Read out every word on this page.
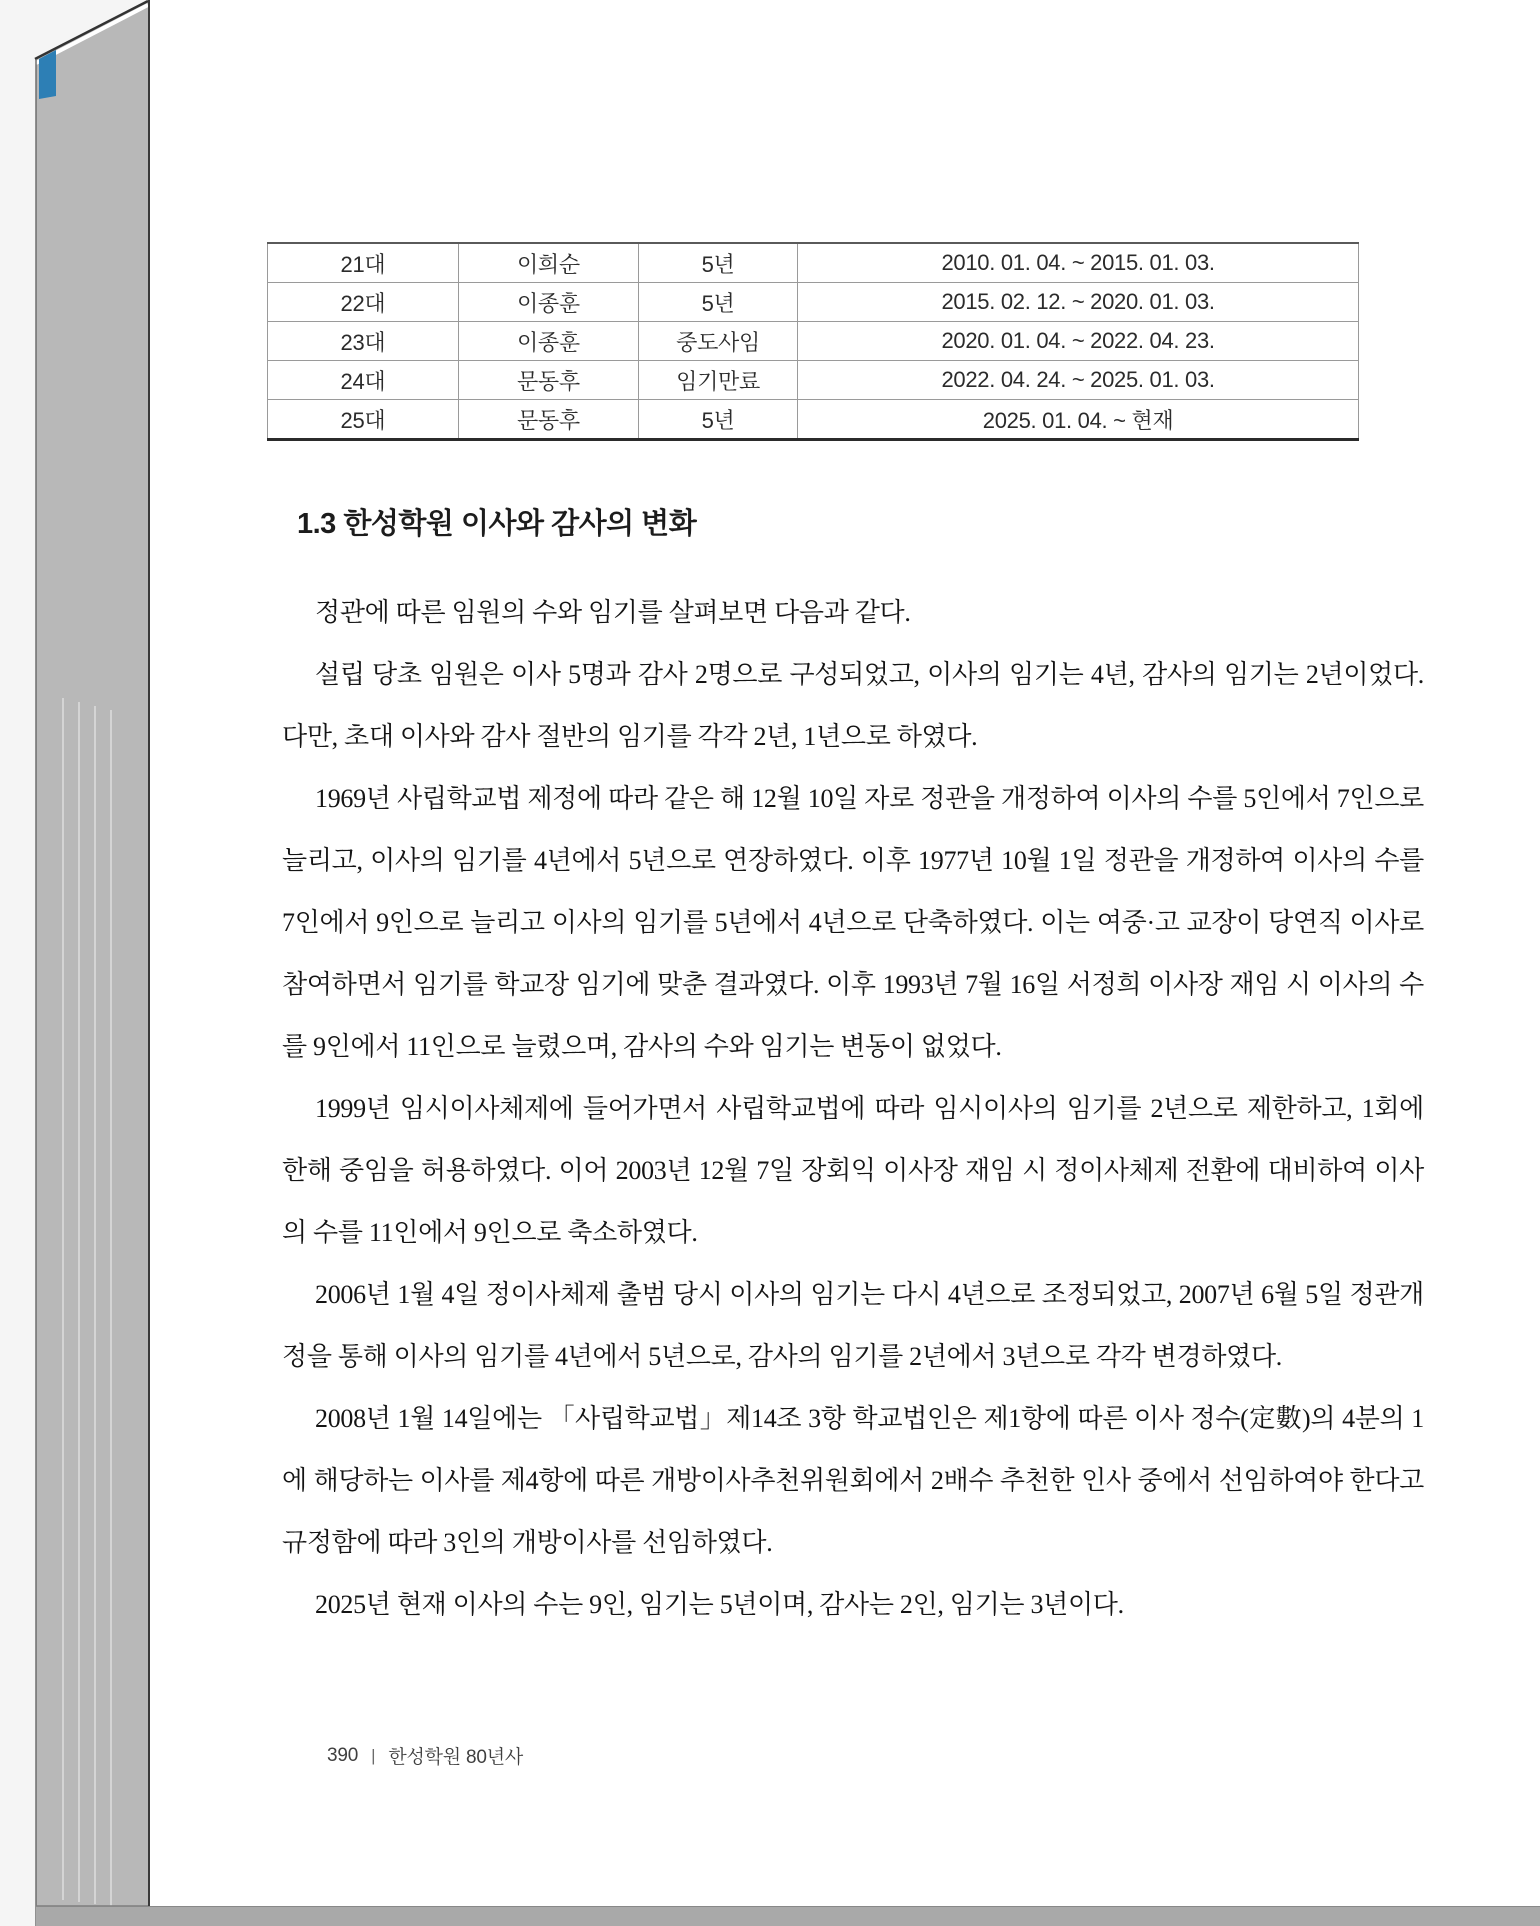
21대	이희순	5년	2010. 01. 04. ~ 2015. 01. 03.
22대	이종훈	5년	2015. 02. 12. ~ 2020. 01. 03.
23대	이종훈	중도사임	2020. 01. 04. ~ 2022. 04. 23.
24대	문동후	임기만료	2022. 04. 24. ~ 2025. 01. 03.
25대	문동후	5년	2025. 01. 04. ~ 현재
1.3 한성학원 이사와 감사의 변화

정관에 따른 임원의 수와 임기를 살펴보면 다음과 같다.

설립 당초 임원은 이사 5명과 감사 2명으로 구성되었고, 이사의 임기는 4년, 감사의 임기는 2년이었다. 다만, 초대 이사와 감사 절반의 임기를 각각 2년, 1년으로 하였다.

1969년 사립학교법 제정에 따라 같은 해 12월 10일 자로 정관을 개정하여 이사의 수를 5인에서 7인으로 늘리고, 이사의 임기를 4년에서 5년으로 연장하였다. 이후 1977년 10월 1일 정관을 개정하여 이사의 수를 7인에서 9인으로 늘리고 이사의 임기를 5년에서 4년으로 단축하였다. 이는 여중·고 교장이 당연직 이사로 참여하면서 임기를 학교장 임기에 맞춘 결과였다. 이후 1993년 7월 16일 서정희 이사장 재임 시 이사의 수를 9인에서 11인으로 늘렸으며, 감사의 수와 임기는 변동이 없었다.

1999년 임시이사체제에 들어가면서 사립학교법에 따라 임시이사의 임기를 2년으로 제한하고, 1회에 한해 중임을 허용하였다. 이어 2003년 12월 7일 장회익 이사장 재임 시 정이사체제 전환에 대비하여 이사의 수를 11인에서 9인으로 축소하였다.

2006년 1월 4일 정이사체제 출범 당시 이사의 임기는 다시 4년으로 조정되었고, 2007년 6월 5일 정관개정을 통해 이사의 임기를 4년에서 5년으로, 감사의 임기를 2년에서 3년으로 각각 변경하였다.

2008년 1월 14일에는 「사립학교법」제14조 3항 학교법인은 제1항에 따른 이사 정수(定數)의 4분의 1에 해당하는 이사를 제4항에 따른 개방이사추천위원회에서 2배수 추천한 인사 중에서 선임하여야 한다고 규정함에 따라 3인의 개방이사를 선임하였다.

2025년 현재 이사의 수는 9인, 임기는 5년이며, 감사는 2인, 임기는 3년이다.

390 | 한성학원 80년사
